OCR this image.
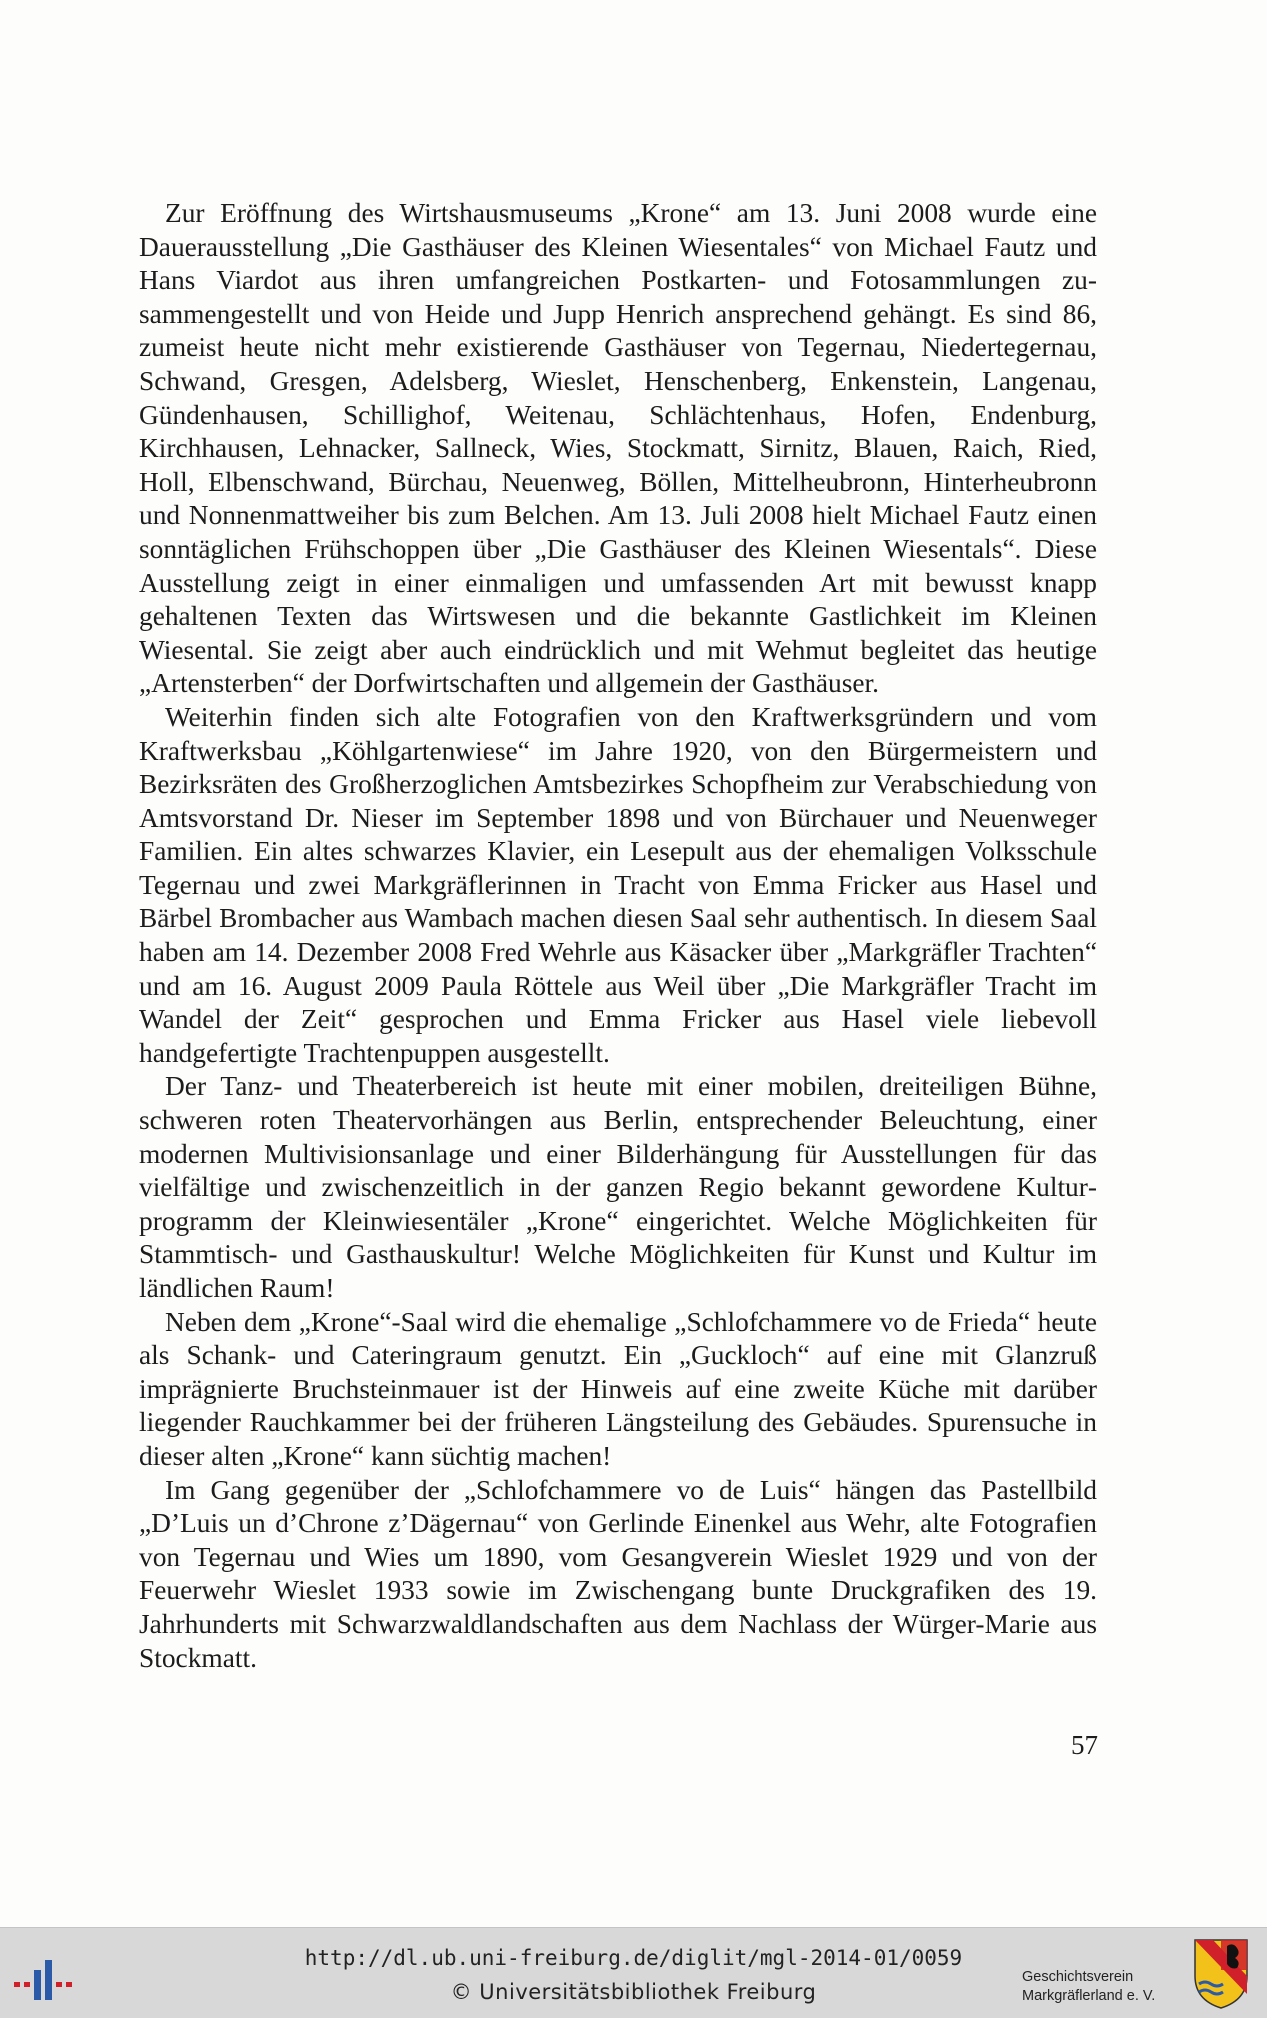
Zur Eröffnung des Wirtshausmuseums „Krone“ am 13. Juni 2008 wurde eine Dauerausstellung „Die Gasthäuser des Kleinen Wiesentales“ von Michael Fautz und Hans Viardot aus ihren umfangreichen Postkarten- und Fotosammlungen zusammengestellt und von Heide und Jupp Henrich ansprechend gehängt. Es sind 86, zumeist heute nicht mehr existierende Gasthäuser von Tegernau, Niedertegernau, Schwand, Gresgen, Adelsberg, Wieslet, Henschenberg, Enkenstein, Langenau, Gündenhausen, Schillighof, Weitenau, Schlächtenhaus, Hofen, Endenburg, Kirchhausen, Lehnacker, Sallneck, Wies, Stockmatt, Sirnitz, Blauen, Raich, Ried, Holl, Elbenschwand, Bürchau, Neuenweg, Böllen, Mittelheubronn, Hinterheubronn und Nonnenmattweiher bis zum Belchen. Am 13. Juli 2008 hielt Michael Fautz einen sonntäglichen Frühschoppen über „Die Gasthäuser des Kleinen Wiesentals“. Diese Ausstellung zeigt in einer einmaligen und umfassenden Art mit bewusst knapp gehaltenen Texten das Wirtswesen und die bekannte Gastlichkeit im Kleinen Wiesental. Sie zeigt aber auch eindrücklich und mit Wehmut begleitet das heutige „Artensterben“ der Dorfwirtschaften und allgemein der Gasthäuser.

Weiterhin finden sich alte Fotografien von den Kraftwerksgründern und vom Kraftwerksbau „Köhlgartenwiese“ im Jahre 1920, von den Bürgermeistern und Bezirksräten des Großherzoglichen Amtsbezirkes Schopfheim zur Verabschiedung von Amtsvorstand Dr. Nieser im September 1898 und von Bürchauer und Neuenweger Familien. Ein altes schwarzes Klavier, ein Lesepult aus der ehemaligen Volksschule Tegernau und zwei Markgräflerinnen in Tracht von Emma Fricker aus Hasel und Bärbel Brombacher aus Wambach machen diesen Saal sehr authentisch. In diesem Saal haben am 14. Dezember 2008 Fred Wehrle aus Käsacker über „Markgräfler Trachten“ und am 16. August 2009 Paula Röttele aus Weil über „Die Markgräfler Tracht im Wandel der Zeit“ gesprochen und Emma Fricker aus Hasel viele liebevoll handgefertigte Trachtenpuppen ausgestellt.

Der Tanz- und Theaterbereich ist heute mit einer mobilen, dreiteiligen Bühne, schweren roten Theatervorhängen aus Berlin, entsprechender Beleuchtung, einer modernen Multivisionsanlage und einer Bilderhängung für Ausstellungen für das vielfältige und zwischenzeitlich in der ganzen Regio bekannt gewordene Kulturprogramm der Kleinwiesentäler „Krone“ eingerichtet. Welche Möglichkeiten für Stammtisch- und Gasthauskultur! Welche Möglichkeiten für Kunst und Kultur im ländlichen Raum!

Neben dem „Krone“-Saal wird die ehemalige „Schlofchammere vo de Frieda“ heute als Schank- und Cateringraum genutzt. Ein „Guckloch“ auf eine mit Glanzruß imprägnierte Bruchsteinmauer ist der Hinweis auf eine zweite Küche mit darüber liegender Rauchkammer bei der früheren Längsteilung des Gebäudes. Spurensuche in dieser alten „Krone“ kann süchtig machen!

Im Gang gegenüber der „Schlofchammere vo de Luis“ hängen das Pastellbild „D’Luis un d’Chrone z’Dägernau“ von Gerlinde Einenkel aus Wehr, alte Fotografien von Tegernau und Wies um 1890, vom Gesangverein Wieslet 1929 und von der Feuerwehr Wieslet 1933 sowie im Zwischengang bunte Druckgrafiken des 19. Jahrhunderts mit Schwarzwaldlandschaften aus dem Nachlass der Würger-Marie aus Stockmatt.

57
http://dl.ub.uni-freiburg.de/diglit/mgl-2014-01/0059
© Universitätsbibliothek Freiburg
Geschichtsverein
Markgräflerland e. V.
